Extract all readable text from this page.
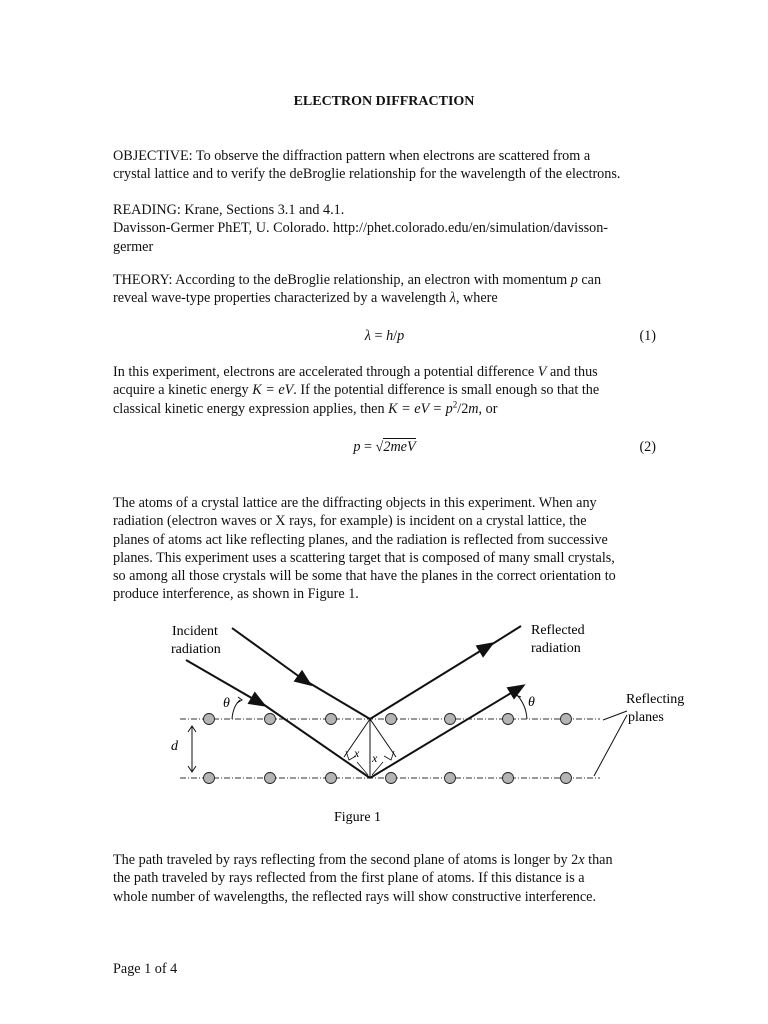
ELECTRON DIFFRACTION

OBJECTIVE: To observe the diffraction pattern when electrons are scattered from a
crystal lattice and to verify the deBroglie relationship for the wavelength of the electrons.

READING: Krane, Sections 3.1 and 4.1.
Davisson-Germer PhET, U. Colorado. http://phet.colorado.edu/en/simulation/davisson-
germer

THEORY: According to the deBroglie relationship, an electron with momentum p can
reveal wave-type properties characterized by a wavelength λ, where

λ = h/p	(1)

In this experiment, electrons are accelerated through a potential difference V and thus
acquire a kinetic energy K = eV. If the potential difference is small enough so that the
classical kinetic energy expression applies, then K = eV = $p^2/2m$, or

p = √2meV	(2)

The atoms of a crystal lattice are the diffracting objects in this experiment. When any
radiation (electron waves or X rays, for example) is incident on a crystal lattice, the
planes of atoms act like reflecting planes, and the radiation is reflected from successive
planes. This experiment uses a scattering target that is composed of many small crystals,
so among all those crystals will be some that have the planes in the correct orientation to
produce interference, as shown in Figure 1.

Incident
radiation
Reflected
radiation
Reflecting
planes
θ	θ
d	x x
Figure 1

The path traveled by rays reflecting from the second plane of atoms is longer by 2x than
the path traveled by rays reflected from the first plane of atoms. If this distance is a
whole number of wavelengths, the reflected rays will show constructive interference.

Page 1 of 4
